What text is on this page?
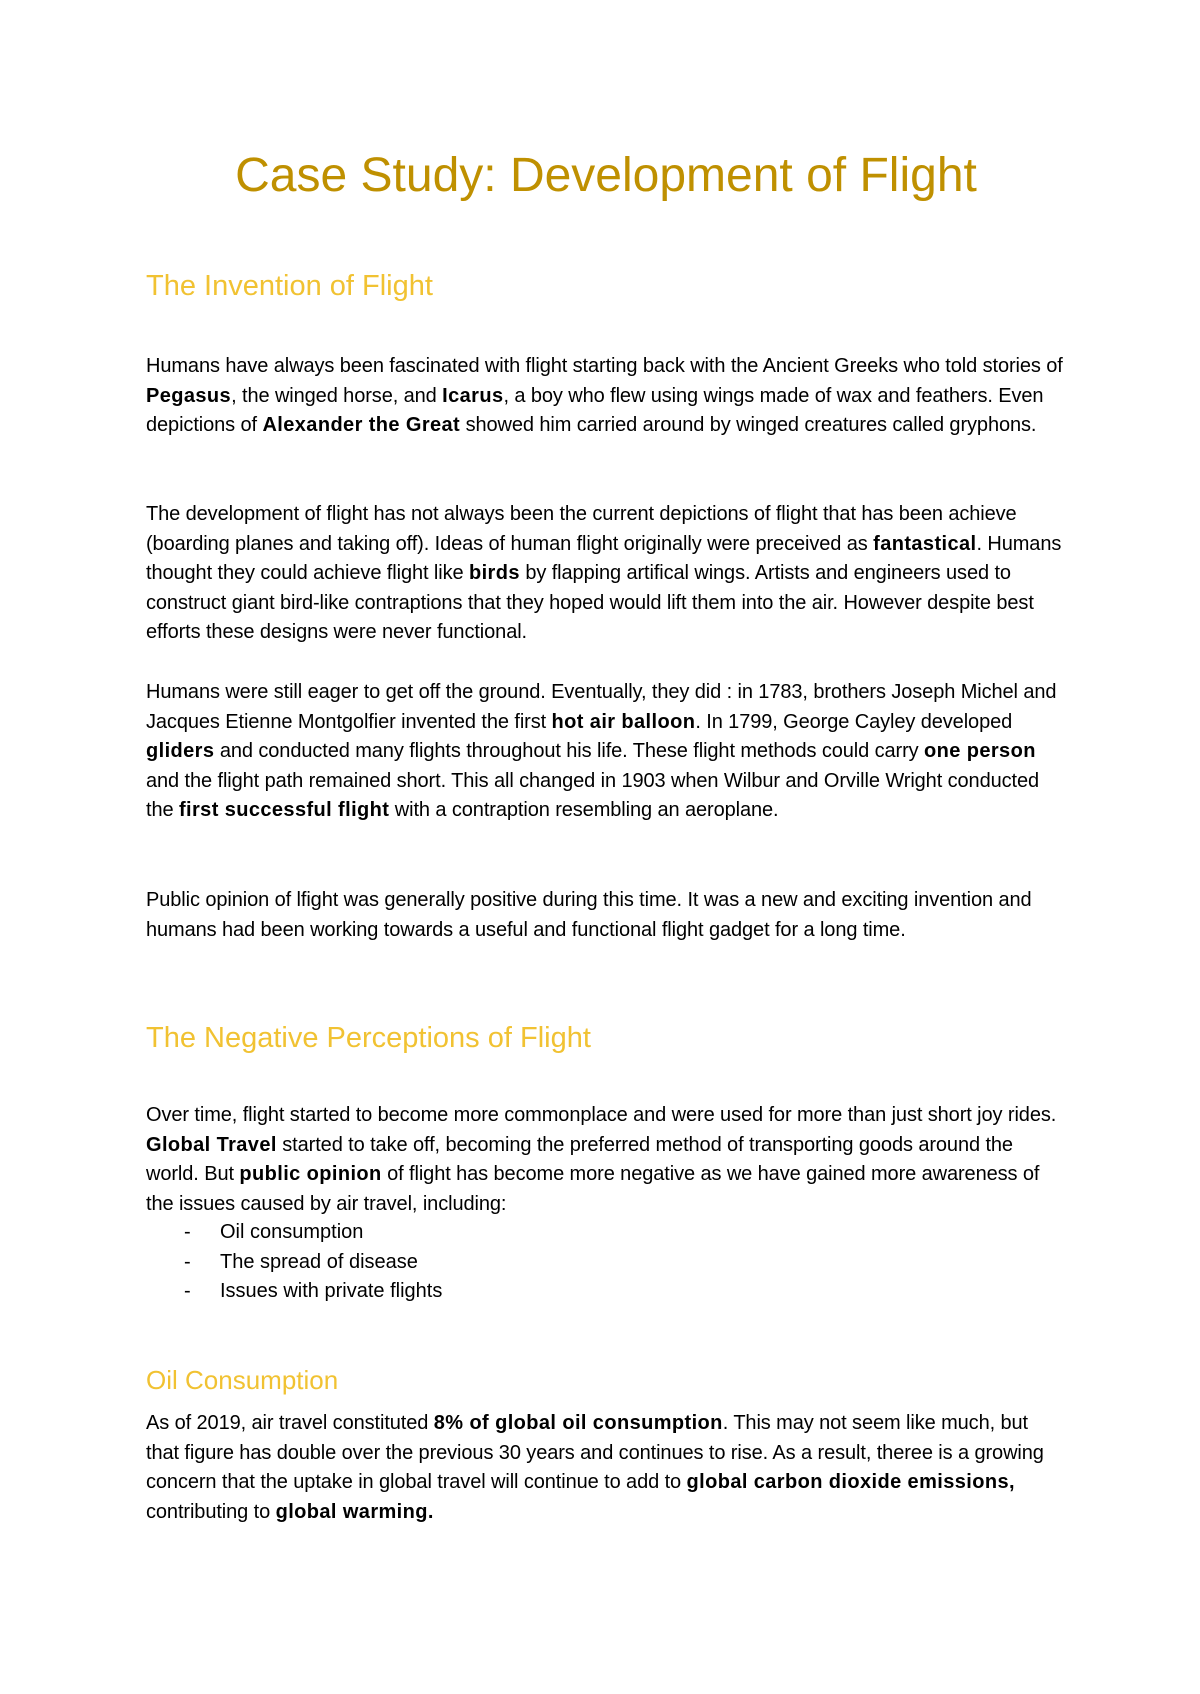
Case Study: Development of Flight
The Invention of Flight

Humans have always been fascinated with flight starting back with the Ancient Greeks who told stories of Pegasus, the winged horse, and Icarus, a boy who flew using wings made of wax and feathers. Even depictions of Alexander the Great showed him carried around by winged creatures called gryphons.

The development of flight has not always been the current depictions of flight that has been achieve (boarding planes and taking off). Ideas of human flight originally were preceived as fantastical. Humans thought they could achieve flight like birds by flapping artifical wings. Artists and engineers used to construct giant bird-like contraptions that they hoped would lift them into the air. However despite best efforts these designs were never functional.

Humans were still eager to get off the ground. Eventually, they did : in 1783, brothers Joseph Michel and Jacques Etienne Montgolfier invented the first hot air balloon. In 1799, George Cayley developed gliders and conducted many flights throughout his life. These flight methods could carry one person and the flight path remained short. This all changed in 1903 when Wilbur and Orville Wright conducted the first successful flight with a contraption resembling an aeroplane.

Public opinion of lfight was generally positive during this time. It was a new and exciting invention and humans had been working towards a useful and functional flight gadget for a long time.

The Negative Perceptions of Flight

Over time, flight started to become more commonplace and were used for more than just short joy rides. Global Travel started to take off, becoming the preferred method of transporting goods around the world. But public opinion of flight has become more negative as we have gained more awareness of the issues caused by air travel, including:

- Oil consumption
- The spread of disease
- Issues with private flights
Oil Consumption

As of 2019, air travel constituted 8% of global oil consumption. This may not seem like much, but that figure has double over the previous 30 years and continues to rise. As a result, theree is a growing concern that the uptake in global travel will continue to add to global carbon dioxide emissions, contributing to global warming.
